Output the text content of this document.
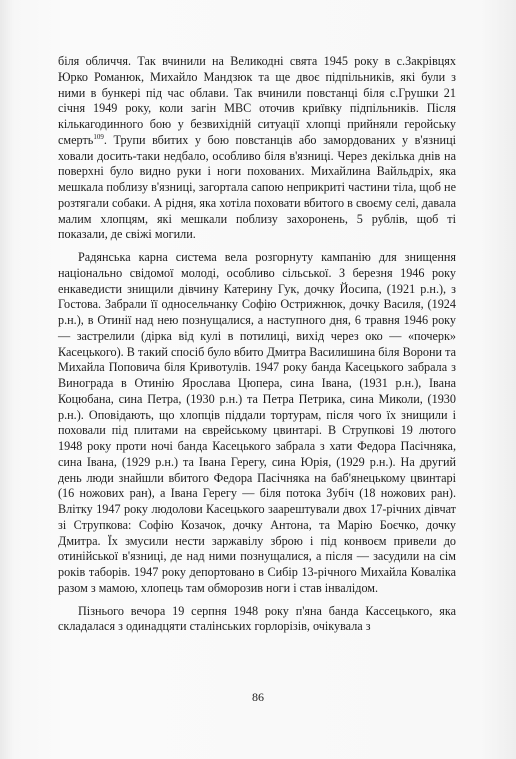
біля обличчя. Так вчинили на Великодні свята 1945 року в с.Закрівцях Юрко Романюк, Михайло Мандзюк та ще двоє підпільників, які були з ними в бункері під час облави. Так вчинили повстанці біля с.Грушки 21 січня 1949 року, коли загін МВС оточив криївку підпільників. Після кількагодинного бою у безвихідній ситуації хлопці прийняли геройську смерть$^{109}$. Трупи вбитих у бою повстанців або замордованих у в'язниці ховали досить-таки недбало, особливо біля в'язниці. Через декілька днів на поверхні було видно руки і ноги похованих. Михайлина Вайльдріх, яка мешкала поблизу в'язниці, загортала сапою неприкриті частини тіла, щоб не розтягали собаки. А рідня, яка хотіла поховати вбитого в своєму селі, давала малим хлопцям, які мешкали поблизу захоронень, 5 рублів, щоб ті показали, де свіжі могили.

Радянська карна система вела розгорнуту кампанію для знищення національно свідомої молоді, особливо сільської. З березня 1946 року енкаведисти знищили дівчину Катерину Гук, дочку Йосипа, (1921 р.н.), з Гостова. Забрали її односельчанку Софію Острижнюк, дочку Василя, (1924 р.н.), в Отинії над нею познущалися, а наступного дня, 6 травня 1946 року — застрелили (дірка від кулі в потилиці, вихід через око — «почерк» Касецького). В такий спосіб було вбито Дмитра Василишина біля Ворони та Михайла Поповича біля Кривотулів. 1947 року банда Касецького забрала з Винограда в Отинію Ярослава Цюпера, сина Івана, (1931 р.н.), Івана Коцюбана, сина Петра, (1930 р.н.) та Петра Петрика, сина Миколи, (1930 р.н.). Оповідають, що хлопців піддали тортурам, після чого їх знищили і поховали під плитами на єврейському цвинтарі. В Струпкові 19 лютого 1948 року проти ночі банда Касецького забрала з хати Федора Пасічняка, сина Івана, (1929 р.н.) та Івана Герегу, сина Юрія, (1929 р.н.). На другий день люди знайшли вбитого Федора Пасічняка на баб'янецькому цвинтарі (16 ножових ран), а Івана Герегу — біля потока Зубіч (18 ножових ран). Влітку 1947 року людолови Касецького заарештували двох 17-річних дівчат зі Струпкова: Софію Козачок, дочку Антона, та Марію Боєчко, дочку Дмитра. Їх змусили нести заржавілу зброю і під конвоєм привели до отинійської в'язниці, де над ними познущалися, а після — засудили на сім років таборів. 1947 року депортовано в Сибір 13-річного Михайла Коваліка разом з мамою, хлопець там обморозив ноги і став інвалідом.

Пізнього вечора 19 серпня 1948 року п'яна банда Кассецького, яка складалася з одинадцяти сталінських горлорізів, очікувала з

86
